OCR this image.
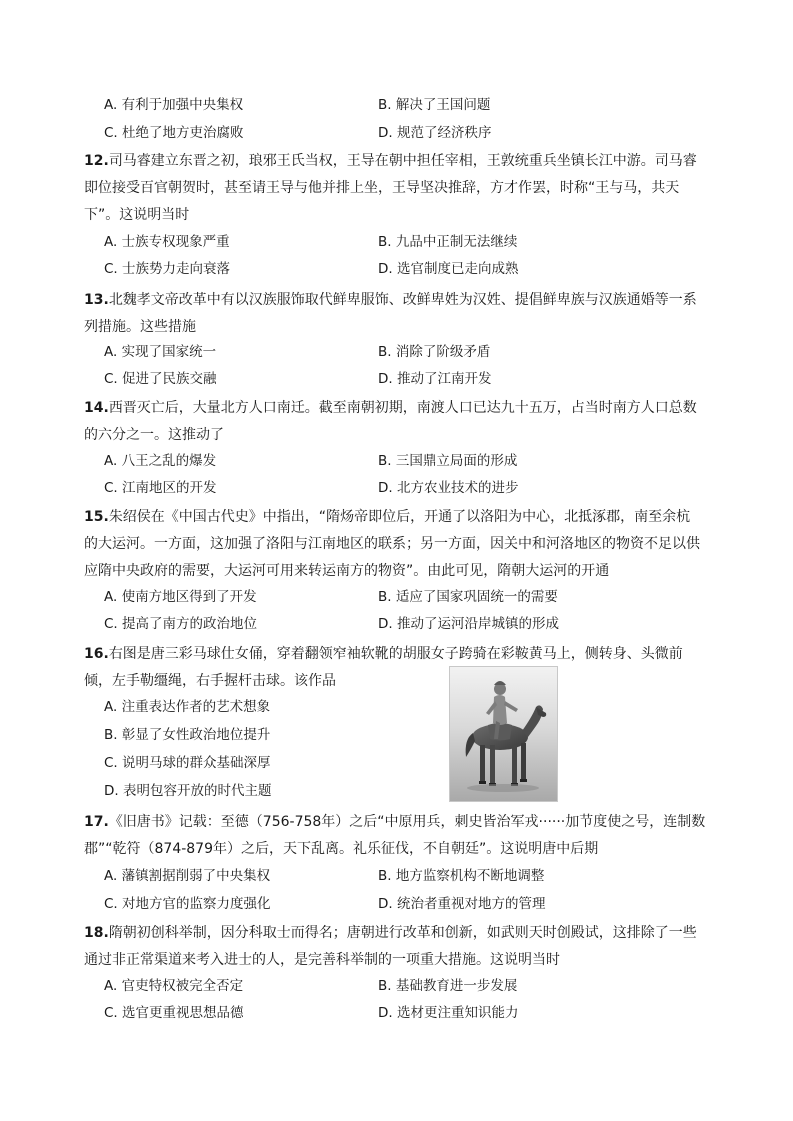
A. 有利于加强中央集权	B. 解决了王国问题
C. 杜绝了地方吏治腐败	D. 规范了经济秩序
12.司马睿建立东晋之初，琅邪王氏当权，王导在朝中担任宰相，王敦统重兵坐镇长江中游。司马睿即位接受百官朝贺时，甚至请王导与他并排上坐，王导坚决推辞，方才作罢，时称“王与马，共天下”。这说明当时
A. 士族专权现象严重	B. 九品中正制无法继续
C. 士族势力走向衰落	D. 选官制度已走向成熟
13.北魏孝文帝改革中有以汉族服饰取代鲜卑服饰、改鲜卑姓为汉姓、提倡鲜卑族与汉族通婚等一系列措施。这些措施
A. 实现了国家统一	B. 消除了阶级矛盾
C. 促进了民族交融	D. 推动了江南开发
14.西晋灭亡后，大量北方人口南迁。截至南朝初期，南渡人口已达九十五万，占当时南方人口总数的六分之一。这推动了
A. 八王之乱的爆发	B. 三国鼎立局面的形成
C. 江南地区的开发	D. 北方农业技术的进步
15.朱绍侯在《中国古代史》中指出，“隋炀帝即位后，开通了以洛阳为中心，北抵涿郡，南至余杭的大运河。一方面，这加强了洛阳与江南地区的联系；另一方面，因关中和河洛地区的物资不足以供应隋中央政府的需要，大运河可用来转运南方的物资”。由此可见，隋朝大运河的开通
A. 使南方地区得到了开发	B. 适应了国家巩固统一的需要
C. 提高了南方的政治地位	D. 推动了运河沿岸城镇的形成
16.右图是唐三彩马球仕女俑，穿着翻领窄袖软靴的胡服女子跨骑在彩鞍黄马上，侧转身、头微前倾，左手勒缰绳，右手握杆击球。该作品
A. 注重表达作者的艺术想象
B. 彰显了女性政治地位提升
C. 说明马球的群众基础深厚
D. 表明包容开放的时代主题
17.《旧唐书》记载：至德（756-758年）之后“中原用兵，刺史皆治军戎······加节度使之号，连制数郡”“乾符（874-879年）之后，天下乱离。礼乐征伐，不自朝廷”。这说明唐中后期
A. 藩镇割据削弱了中央集权	B. 地方监察机构不断地调整
C. 对地方官的监察力度强化	D. 统治者重视对地方的管理
18.隋朝初创科举制，因分科取士而得名；唐朝进行改革和创新，如武则天时创殿试，这排除了一些通过非正常渠道来考入进士的人，是完善科举制的一项重大措施。这说明当时
A. 官吏特权被完全否定	B. 基础教育进一步发展
C. 选官更重视思想品德	D. 选材更注重知识能力
